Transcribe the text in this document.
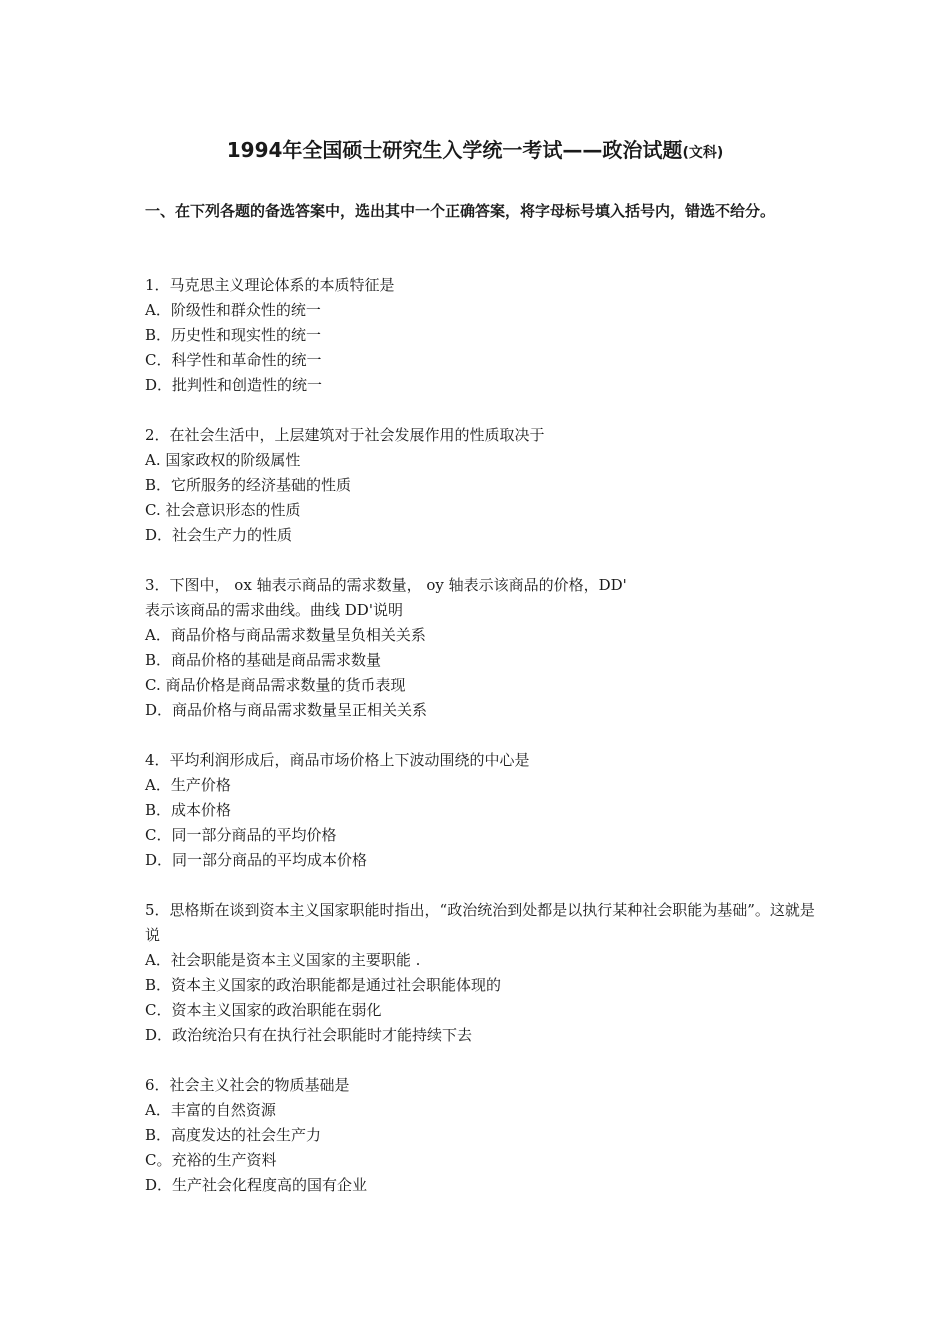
1994年全国硕士研究生入学统一考试——政治试题(文科)
一、在下列各题的备选答案中，选出其中一个正确答案，将字母标号填入括号内，错选不给分。
1．马克思主义理论体系的本质特征是
A．阶级性和群众性的统一
B．历史性和现实性的统一
C．科学性和革命性的统一
D．批判性和创造性的统一
2．在社会生活中，上层建筑对于社会发展作用的性质取决于
A. 国家政权的阶级属性
B．它所服务的经济基础的性质
C. 社会意识形态的性质
D．社会生产力的性质
3．下图中， ox 轴表示商品的需求数量， oy 轴表示该商品的价格，DD'
表示该商品的需求曲线。曲线 DD'说明
A．商品价格与商品需求数量呈负相关关系
B．商品价格的基础是商品需求数量
C. 商品价格是商品需求数量的货币表现
D．商品价格与商品需求数量呈正相关关系
4．平均利润形成后，商品市场价格上下波动围绕的中心是
A．生产价格
B．成本价格
C．同一部分商品的平均价格
D．同一部分商品的平均成本价格
5．思格斯在谈到资本主义国家职能时指出，“政治统治到处都是以执行某种社会职能为基础”。这就是
说
A．社会职能是资本主义国家的主要职能 .
B．资本主义国家的政治职能都是通过社会职能体现的
C．资本主义国家的政治职能在弱化
D．政治统治只有在执行社会职能时才能持续下去
6．社会主义社会的物质基础是
A．丰富的自然资源
B．高度发达的社会生产力
C。充裕的生产资料
D．生产社会化程度高的国有企业
